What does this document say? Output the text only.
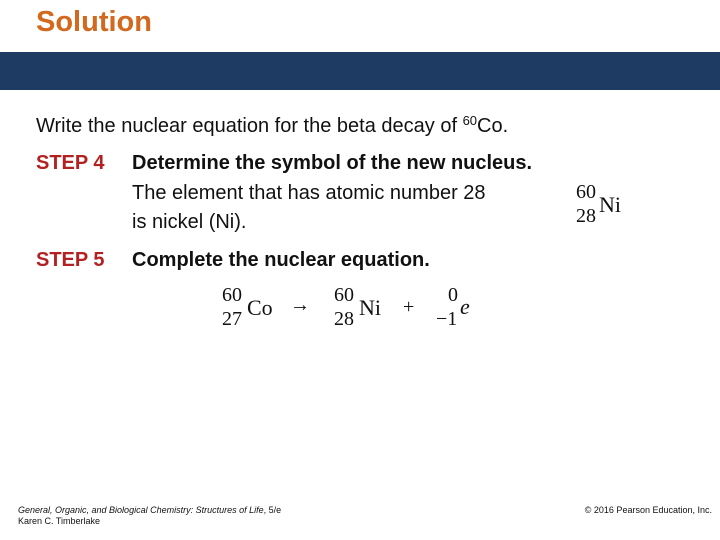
Solution
Write the nuclear equation for the beta decay of $^{60}$Co.
STEP 4 Determine the symbol of the new nucleus.
The element that has atomic number 28
is nickel (Ni).
60
28 Ni
STEP 5 Complete the nuclear equation.
60
27 Co → 60
28 Ni +
0
−1 e
General, Organic, and Biological Chemistry: Structures of Life, 5/e
Karen C. Timberlake
© 2016 Pearson Education, Inc.
